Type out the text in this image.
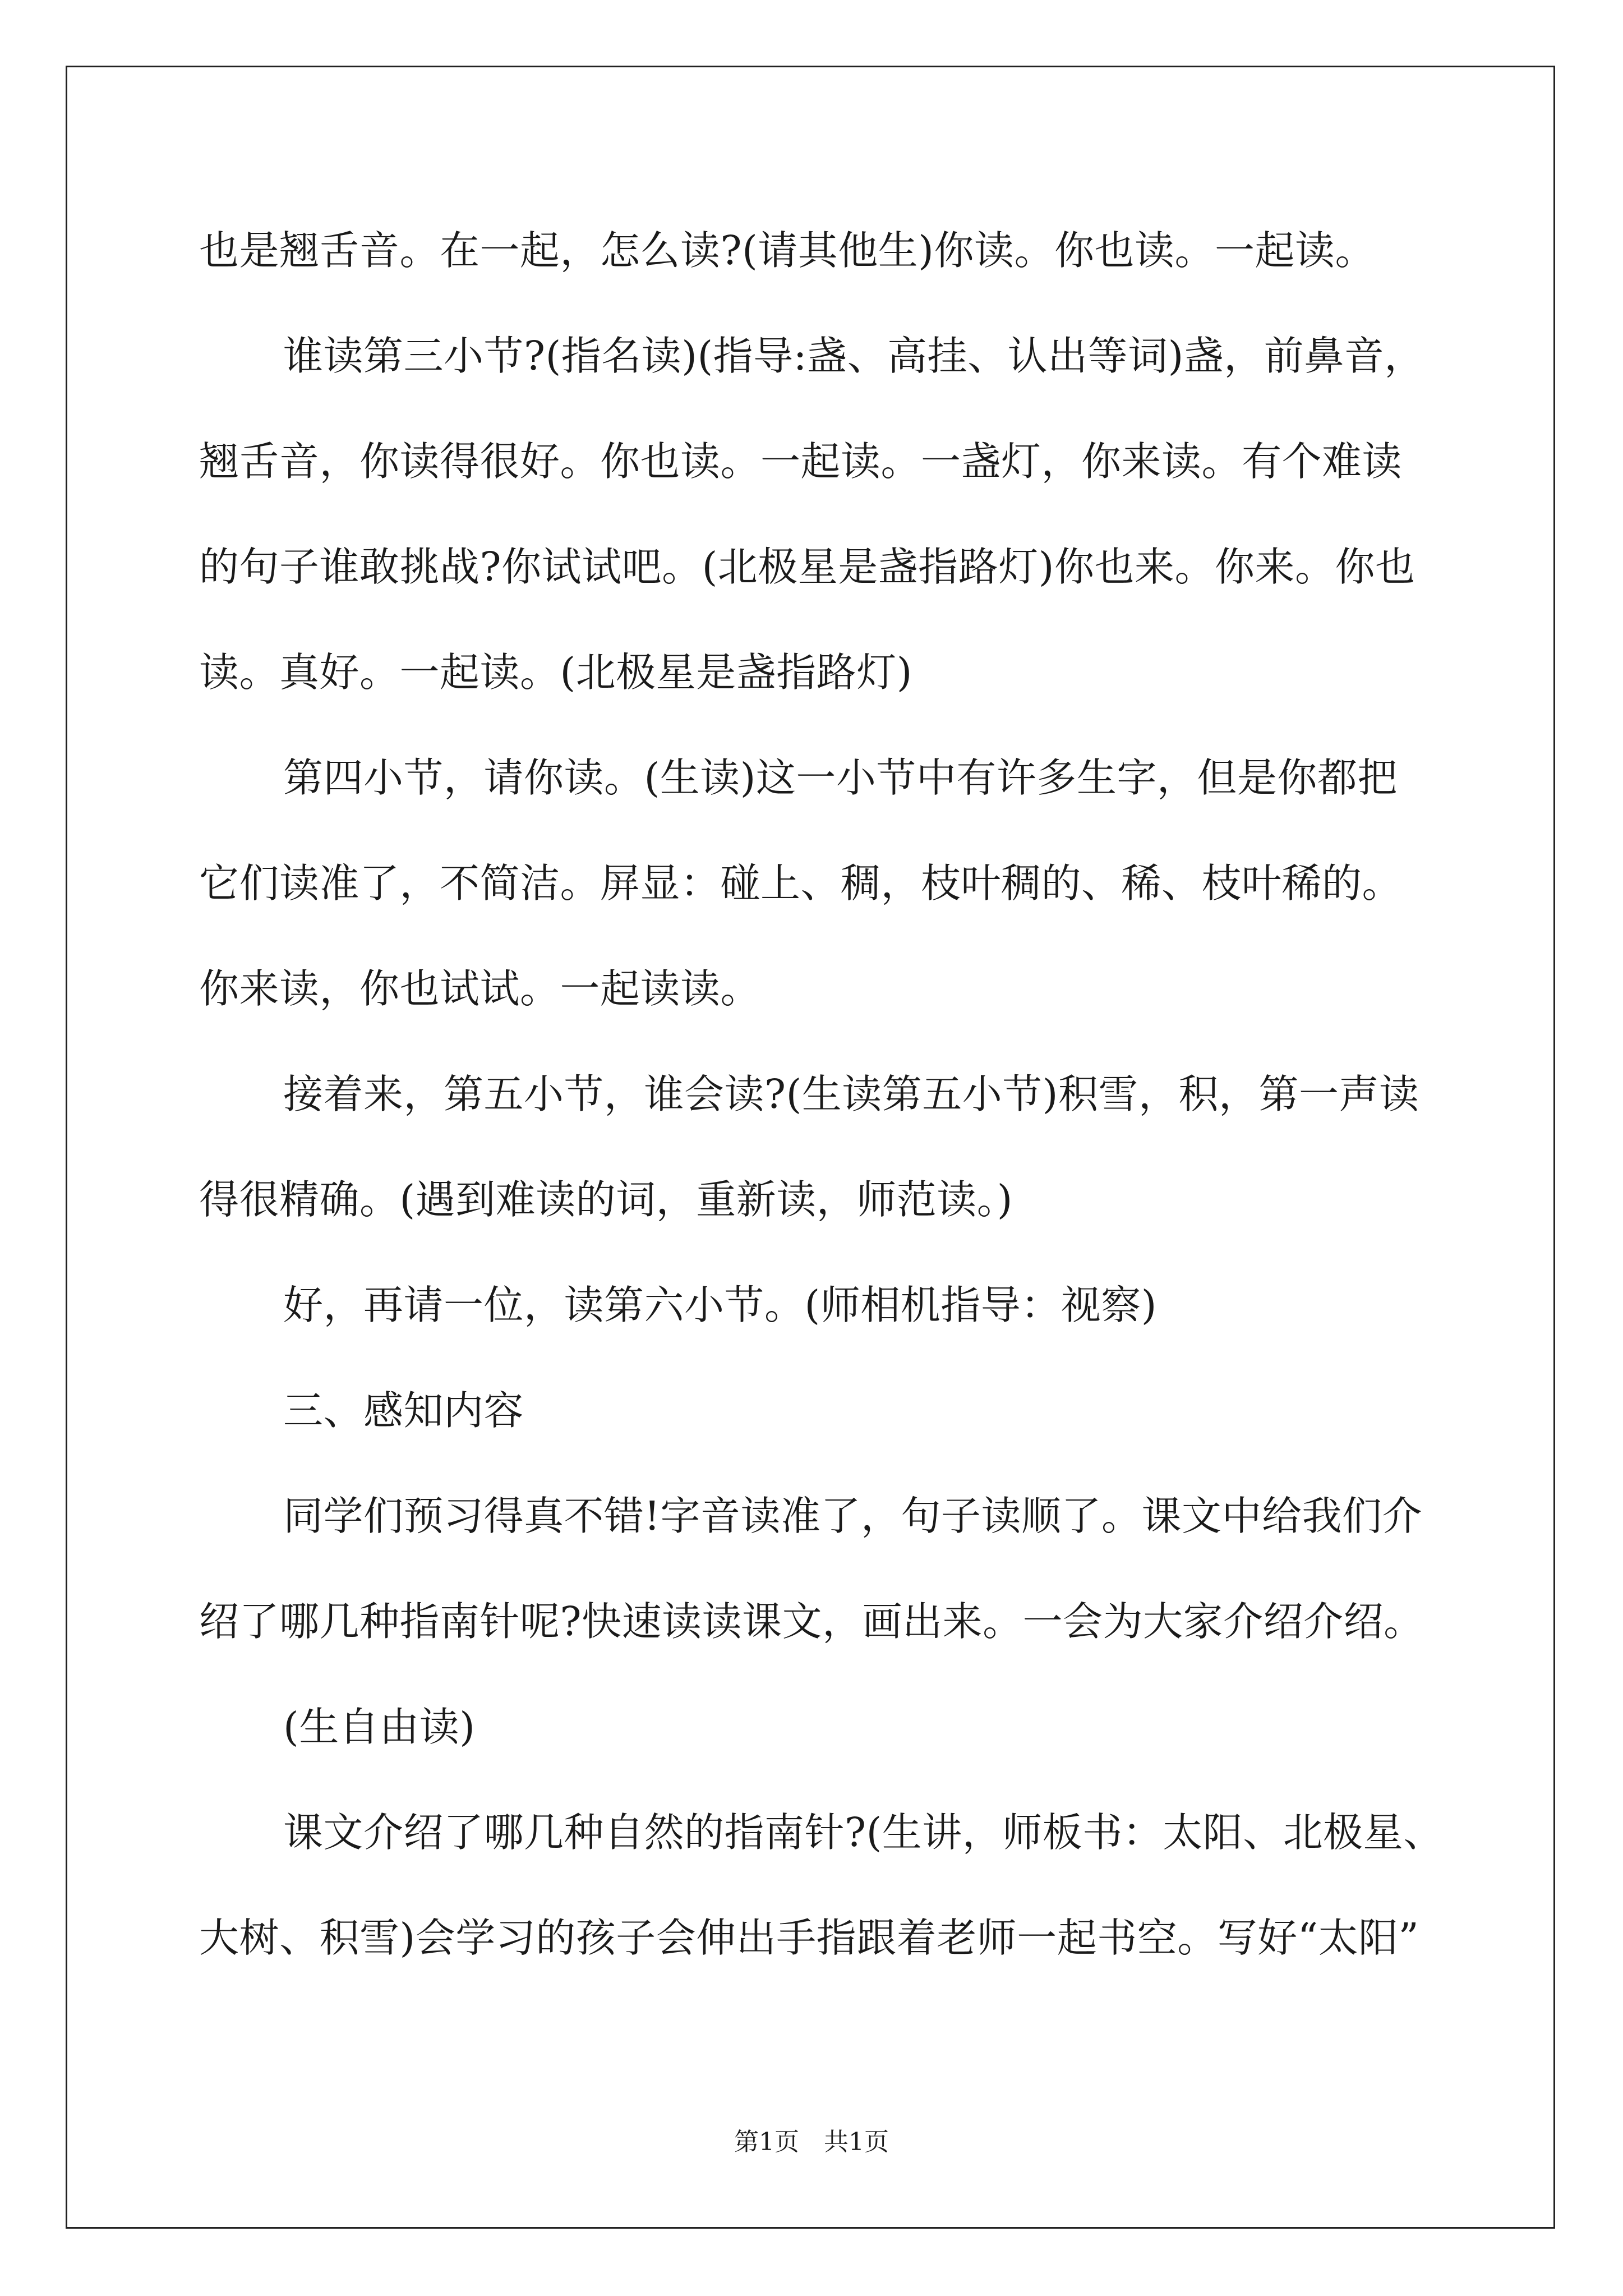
也是翘舌音。在一起，怎么读?(请其他生)你读。你也读。一起读。
谁读第三小节?(指名读)(指导:盏、高挂、认出等词)盏，前鼻音，
翘舌音，你读得很好。你也读。一起读。一盏灯，你来读。有个难读
的句子谁敢挑战?你试试吧。(北极星是盏指路灯)你也来。你来。你也
读。真好。一起读。(北极星是盏指路灯)
第四小节，请你读。(生读)这一小节中有许多生字，但是你都把
它们读准了，不简洁。屏显：碰上、稠，枝叶稠的、稀、枝叶稀的。
你来读，你也试试。一起读读。
接着来，第五小节，谁会读?(生读第五小节)积雪，积，第一声读
得很精确。(遇到难读的词，重新读，师范读。)
好，再请一位，读第六小节。(师相机指导：视察)
三、感知内容
同学们预习得真不错!字音读准了，句子读顺了。课文中给我们介
绍了哪几种指南针呢?快速读读课文，画出来。一会为大家介绍介绍。
(生自由读)
课文介绍了哪几种自然的指南针?(生讲，师板书：太阳、北极星、
大树、积雪)会学习的孩子会伸出手指跟着老师一起书空。写好“太阳”
第1页　共1页
